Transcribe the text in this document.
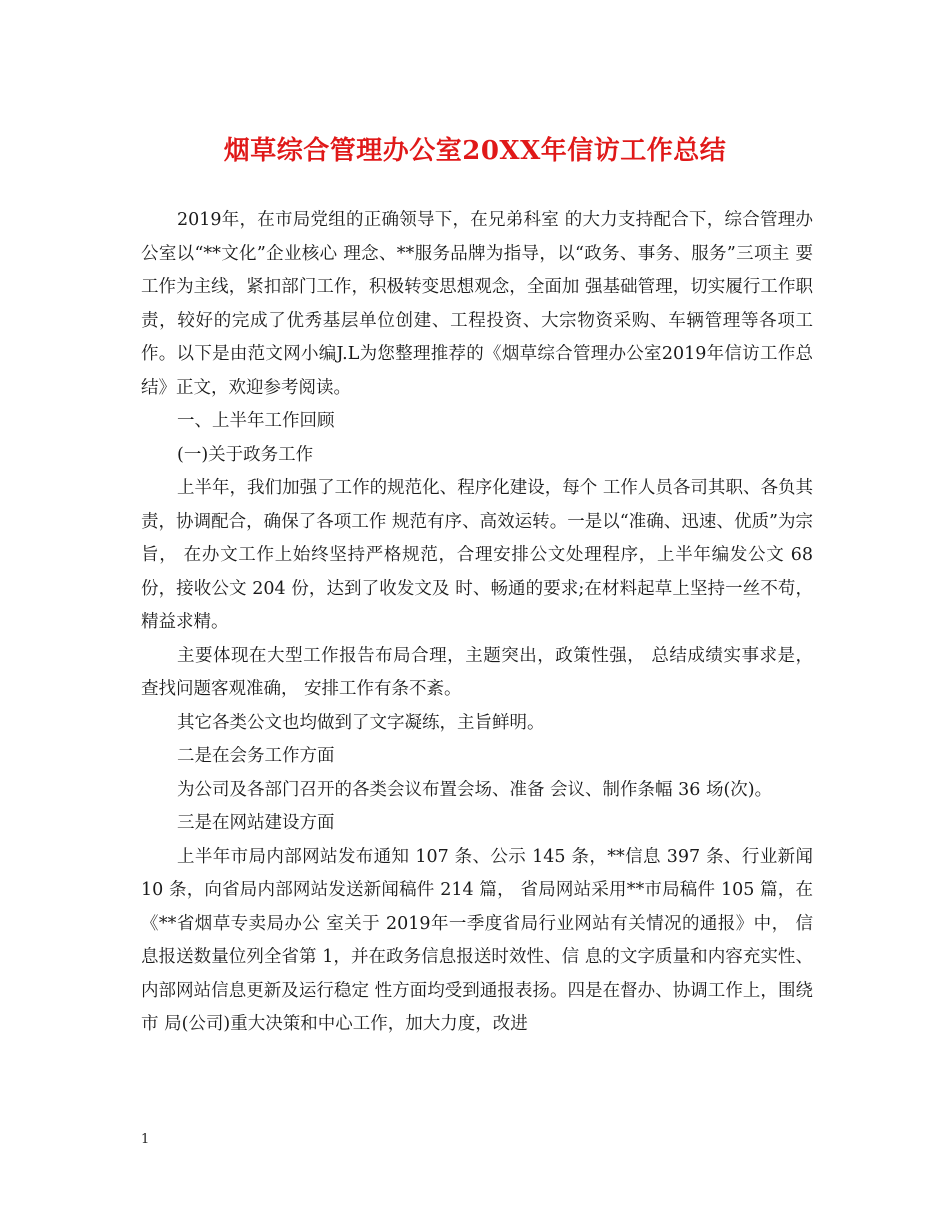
烟草综合管理办公室20XX年信访工作总结

2019年，在市局党组的正确领导下，在兄弟科室 的大力支持配合下，综合管理办公室以“**文化”企业核心 理念、**服务品牌为指导，以“政务、事务、服务”三项主 要工作为主线，紧扣部门工作，积极转变思想观念，全面加 强基础管理，切实履行工作职责，较好的完成了优秀基层单位创建、工程投资、大宗物资采购、车辆管理等各项工作。以下是由范文网小编J.L为您整理推荐的《烟草综合管理办公室2019年信访工作总结》正文，欢迎参考阅读。

一、上半年工作回顾

(一)关于政务工作

上半年，我们加强了工作的规范化、程序化建设，每个 工作人员各司其职、各负其责，协调配合，确保了各项工作 规范有序、高效运转。一是以“准确、迅速、优质”为宗旨， 在办文工作上始终坚持严格规范，合理安排公文处理程序，上半年编发公文 68 份，接收公文 204 份，达到了收发文及 时、畅通的要求;在材料起草上坚持一丝不苟，精益求精。

主要体现在大型工作报告布局合理，主题突出，政策性强， 总结成绩实事求是， 查找问题客观准确， 安排工作有条不紊。

其它各类公文也均做到了文字凝练，主旨鲜明。

二是在会务工作方面

为公司及各部门召开的各类会议布置会场、准备 会议、制作条幅 36 场(次)。

三是在网站建设方面

上半年市局内部网站发布通知 107 条、公示 145 条，**信息 397 条、行业新闻 10 条，向省局内部网站发送新闻稿件 214 篇， 省局网站采用**市局稿件 105 篇，在《**省烟草专卖局办公 室关于 2019年一季度省局行业网站有关情况的通报》中， 信息报送数量位列全省第 1，并在政务信息报送时效性、信 息的文字质量和内容充实性、内部网站信息更新及运行稳定 性方面均受到通报表扬。四是在督办、协调工作上，围绕市 局(公司)重大决策和中心工作，加大力度，改进

1
